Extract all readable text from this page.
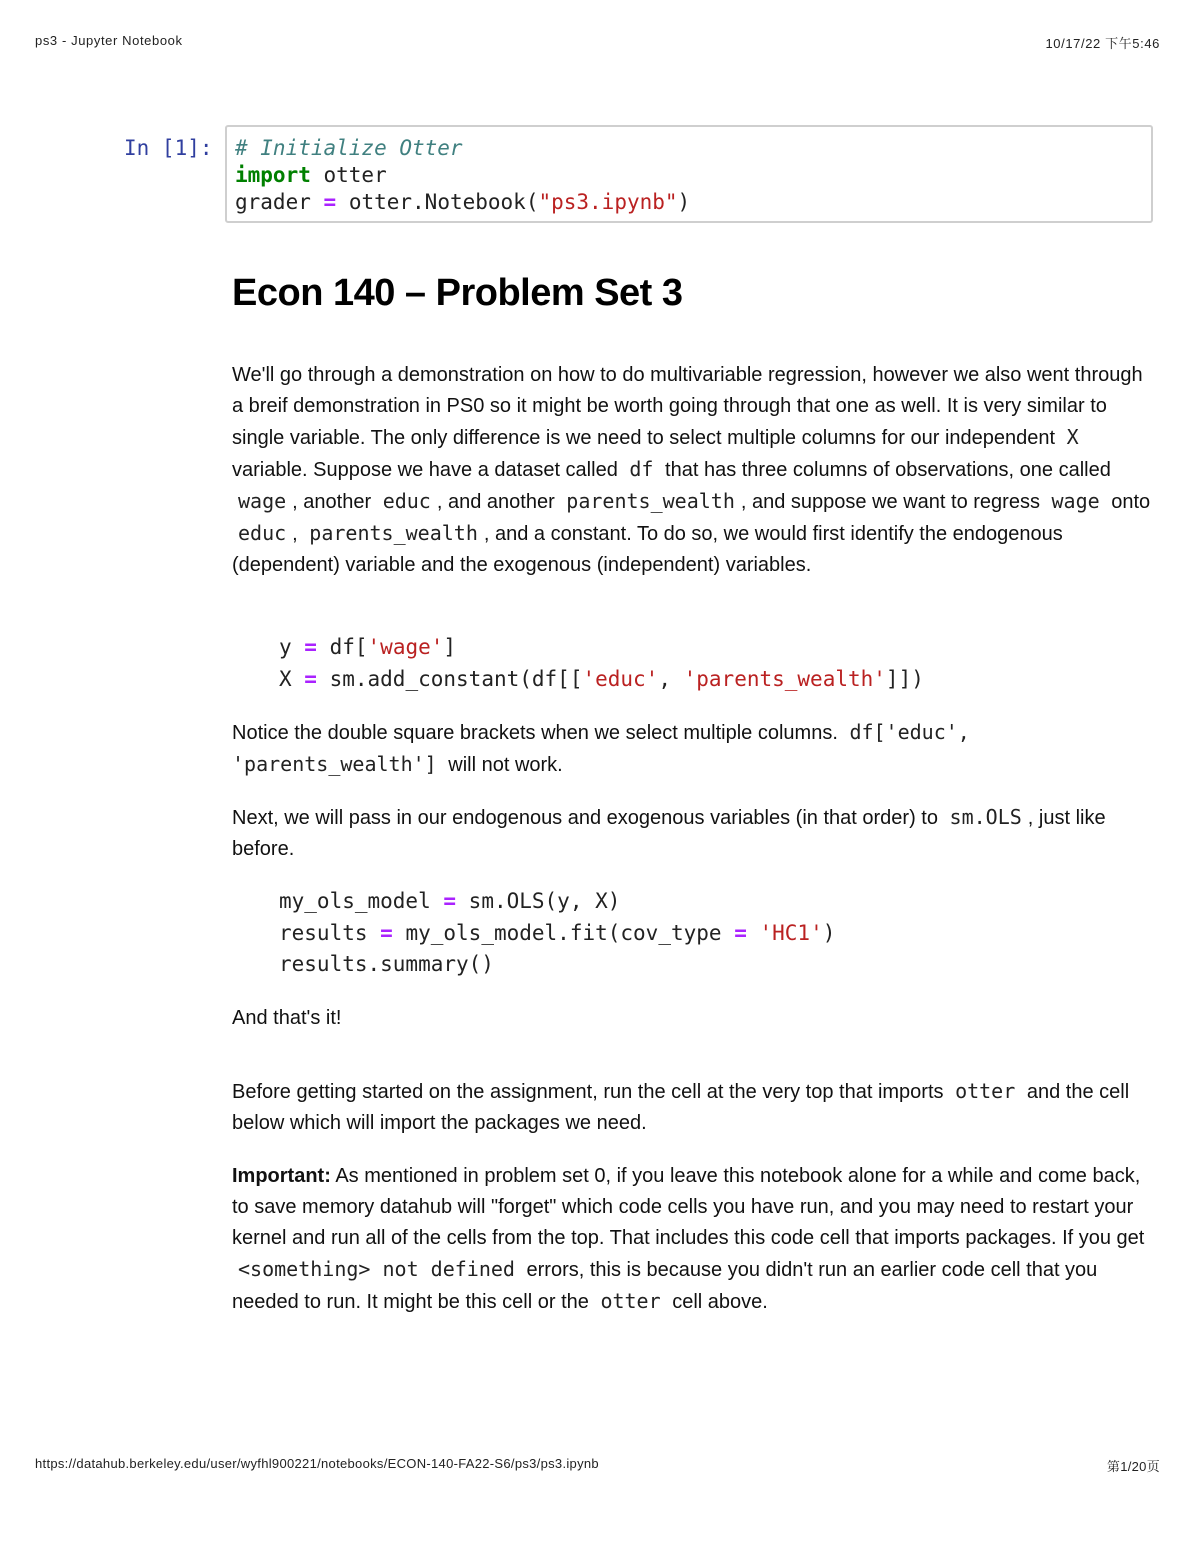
ps3 - Jupyter Notebook	10/17/22 下午5:46
In [1]: # Initialize Otter
import otter
grader = otter.Notebook("ps3.ipynb")
Econ 140 – Problem Set 3

We'll go through a demonstration on how to do multivariable regression, however we also went through a breif demonstration in PS0 so it might be worth going through that one as well. It is very similar to single variable. The only difference is we need to select multiple columns for our independent X variable. Suppose we have a dataset called df that has three columns of observations, one called wage , another educ , and another parents_wealth , and suppose we want to regress wage onto educ , parents_wealth , and a constant. To do so, we would first identify the endogenous (dependent) variable and the exogenous (independent) variables.

y = df['wage']
X = sm.add_constant(df[['educ', 'parents_wealth']])

Notice the double square brackets when we select multiple columns. df['educ', 'parents_wealth'] will not work.

Next, we will pass in our endogenous and exogenous variables (in that order) to sm.OLS , just like before.

my_ols_model = sm.OLS(y, X)
results = my_ols_model.fit(cov_type = 'HC1')
results.summary()

And that's it!

Before getting started on the assignment, run the cell at the very top that imports otter and the cell below which will import the packages we need.

Important: As mentioned in problem set 0, if you leave this notebook alone for a while and come back, to save memory datahub will "forget" which code cells you have run, and you may need to restart your kernel and run all of the cells from the top. That includes this code cell that imports packages. If you get <something> not defined errors, this is because you didn't run an earlier code cell that you needed to run. It might be this cell or the otter cell above.

https://datahub.berkeley.edu/user/wyfhl900221/notebooks/ECON-140-FA22-S6/ps3/ps3.ipynb	第1/20页
